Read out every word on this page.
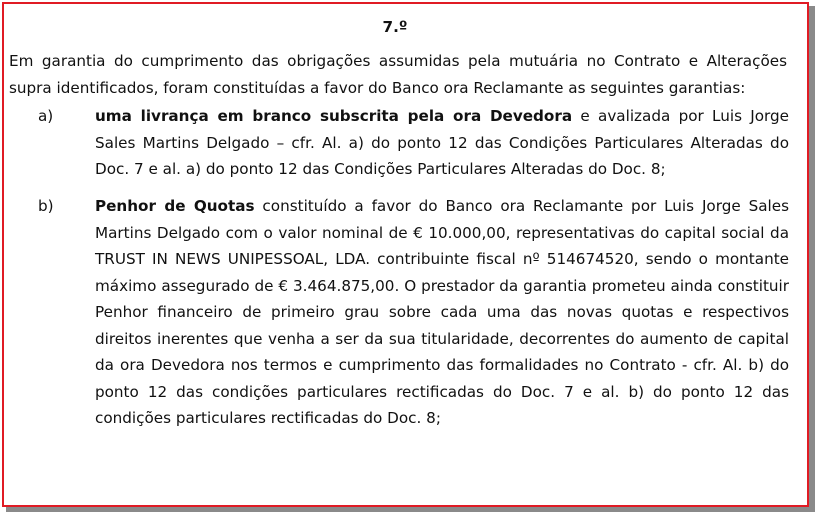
7.º
Em garantia do cumprimento das obrigações assumidas pela mutuária no Contrato e Alterações supra identificados, foram constituídas a favor do Banco ora Reclamante as seguintes garantias:
a)	uma livrança em branco subscrita pela ora Devedora e avalizada por Luis Jorge Sales Martins Delgado – cfr. Al. a) do ponto 12 das Condições Particulares Alteradas do Doc. 7 e al. a) do ponto 12 das Condições Particulares Alteradas do Doc. 8;
b)	Penhor de Quotas constituído a favor do Banco ora Reclamante por Luis Jorge Sales Martins Delgado com o valor nominal de € 10.000,00, representativas do capital social da TRUST IN NEWS UNIPESSOAL, LDA. contribuinte fiscal nº 514674520, sendo o montante máximo assegurado de € 3.464.875,00. O prestador da garantia prometeu ainda constituir Penhor financeiro de primeiro grau sobre cada uma das novas quotas e respectivos direitos inerentes que venha a ser da sua titularidade, decorrentes do aumento de capital da ora Devedora nos termos e cumprimento das formalidades no Contrato - cfr. Al. b) do ponto 12 das condições particulares rectificadas do Doc. 7 e al. b) do ponto 12 das condições particulares rectificadas do Doc. 8;
